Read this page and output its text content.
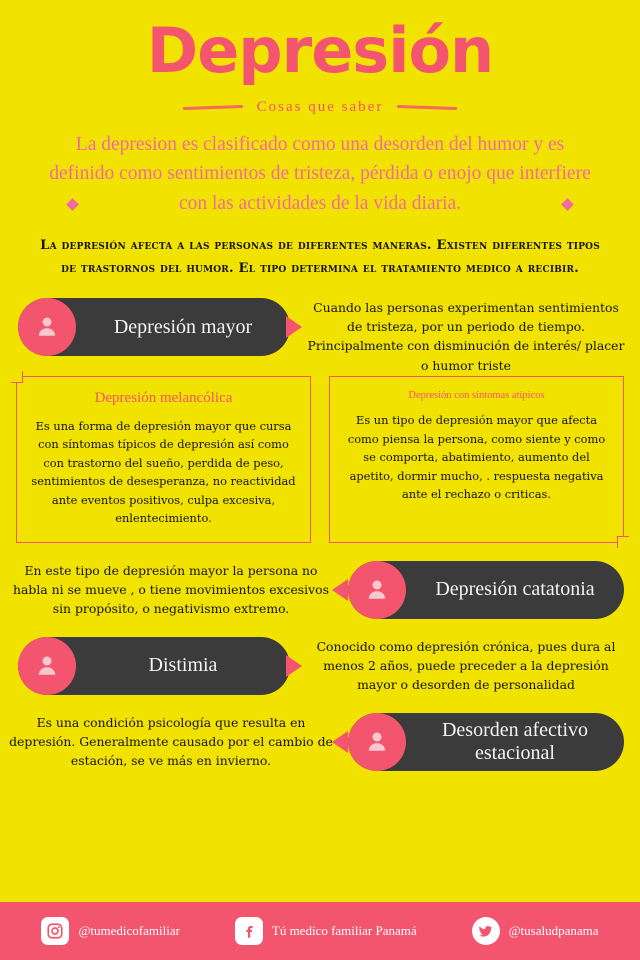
Depresión
Cosas que saber
La depresion es clasificado como una desorden del humor y es definido como sentimientos de tristeza, pérdida o enojo que interfiere con las actividades de la vida diaria.
La depresión afecta a las personas de diferentes maneras. Existen diferentes tipos de trastornos del humor. El tipo determina el tratamiento medico a recibir.
Depresión mayor
Cuando las personas experimentan sentimientos de tristeza, por un periodo de tiempo. Principalmente con disminución de interés/ placer o humor triste
Depresión melancólica
Es una forma de depresión mayor que cursa con síntomas típicos de depresión así como con trastorno del sueño, perdida de peso, sentimientos de desesperanza, no reactividad ante eventos positivos, culpa excesiva, enlentecimiento.
Depresión con síntomas atípicos
Es un tipo de depresión mayor que afecta como piensa la persona, como siente y como se comporta, abatimiento, aumento del apetito, dormir mucho, . respuesta negativa ante el rechazo o criticas.
Depresión catatonia
En este tipo de depresión mayor la persona no habla ni se mueve , o tiene movimientos excesivos sin propósito, o negativismo extremo.
Distimia
Conocido como depresión crónica, pues dura al menos 2 años, puede preceder a la depresión mayor o desorden de personalidad
Desorden afectivo estacional
Es una condición psicología que resulta en depresión. Generalmente causado por el cambio de estación, se ve más en invierno.
@tumedicofamiliar	Tú medico familiar Panamá	@tusaludpanama
